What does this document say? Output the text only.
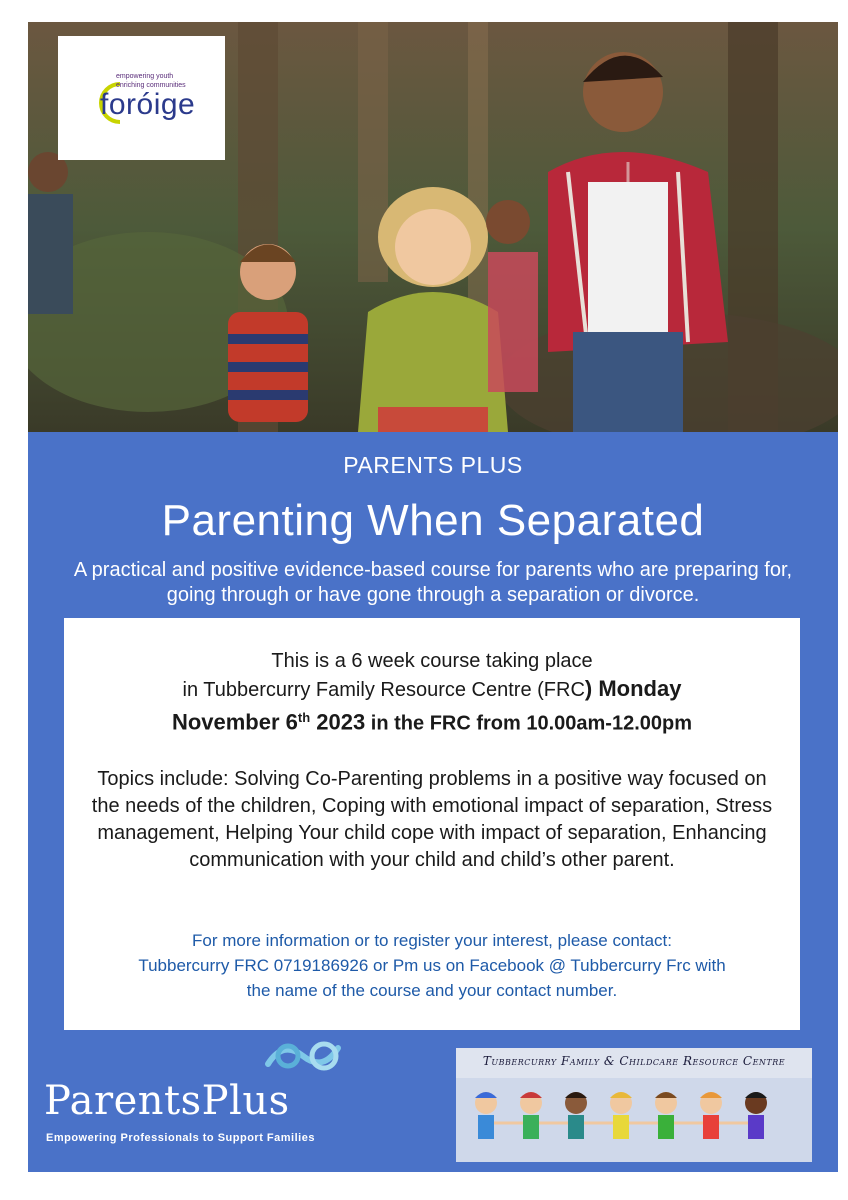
empowering youth
enriching communities
foróige
PARENTS PLUS
Parenting When Separated
A practical and positive evidence-based course for parents who are preparing for, going through or have gone through a separation or divorce.
This is a 6 week course taking place
in Tubbercurry Family Resource Centre (FRC) Monday
November 6th 2023 in the FRC from 10.00am-12.00pm
Topics include: Solving Co-Parenting problems in a positive way focused on the needs of the children, Coping with emotional impact of separation, Stress management, Helping Your child cope with impact of separation, Enhancing communication with your child and child’s other parent.
For more information or to register your interest, please contact:
Tubbercurry FRC 0719186926 or Pm us on Facebook @ Tubbercurry Frc with
the name of the course and your contact number.
ParentsPlus
Empowering Professionals to Support Families
Tubbercurry Family & Childcare Resource Centre
